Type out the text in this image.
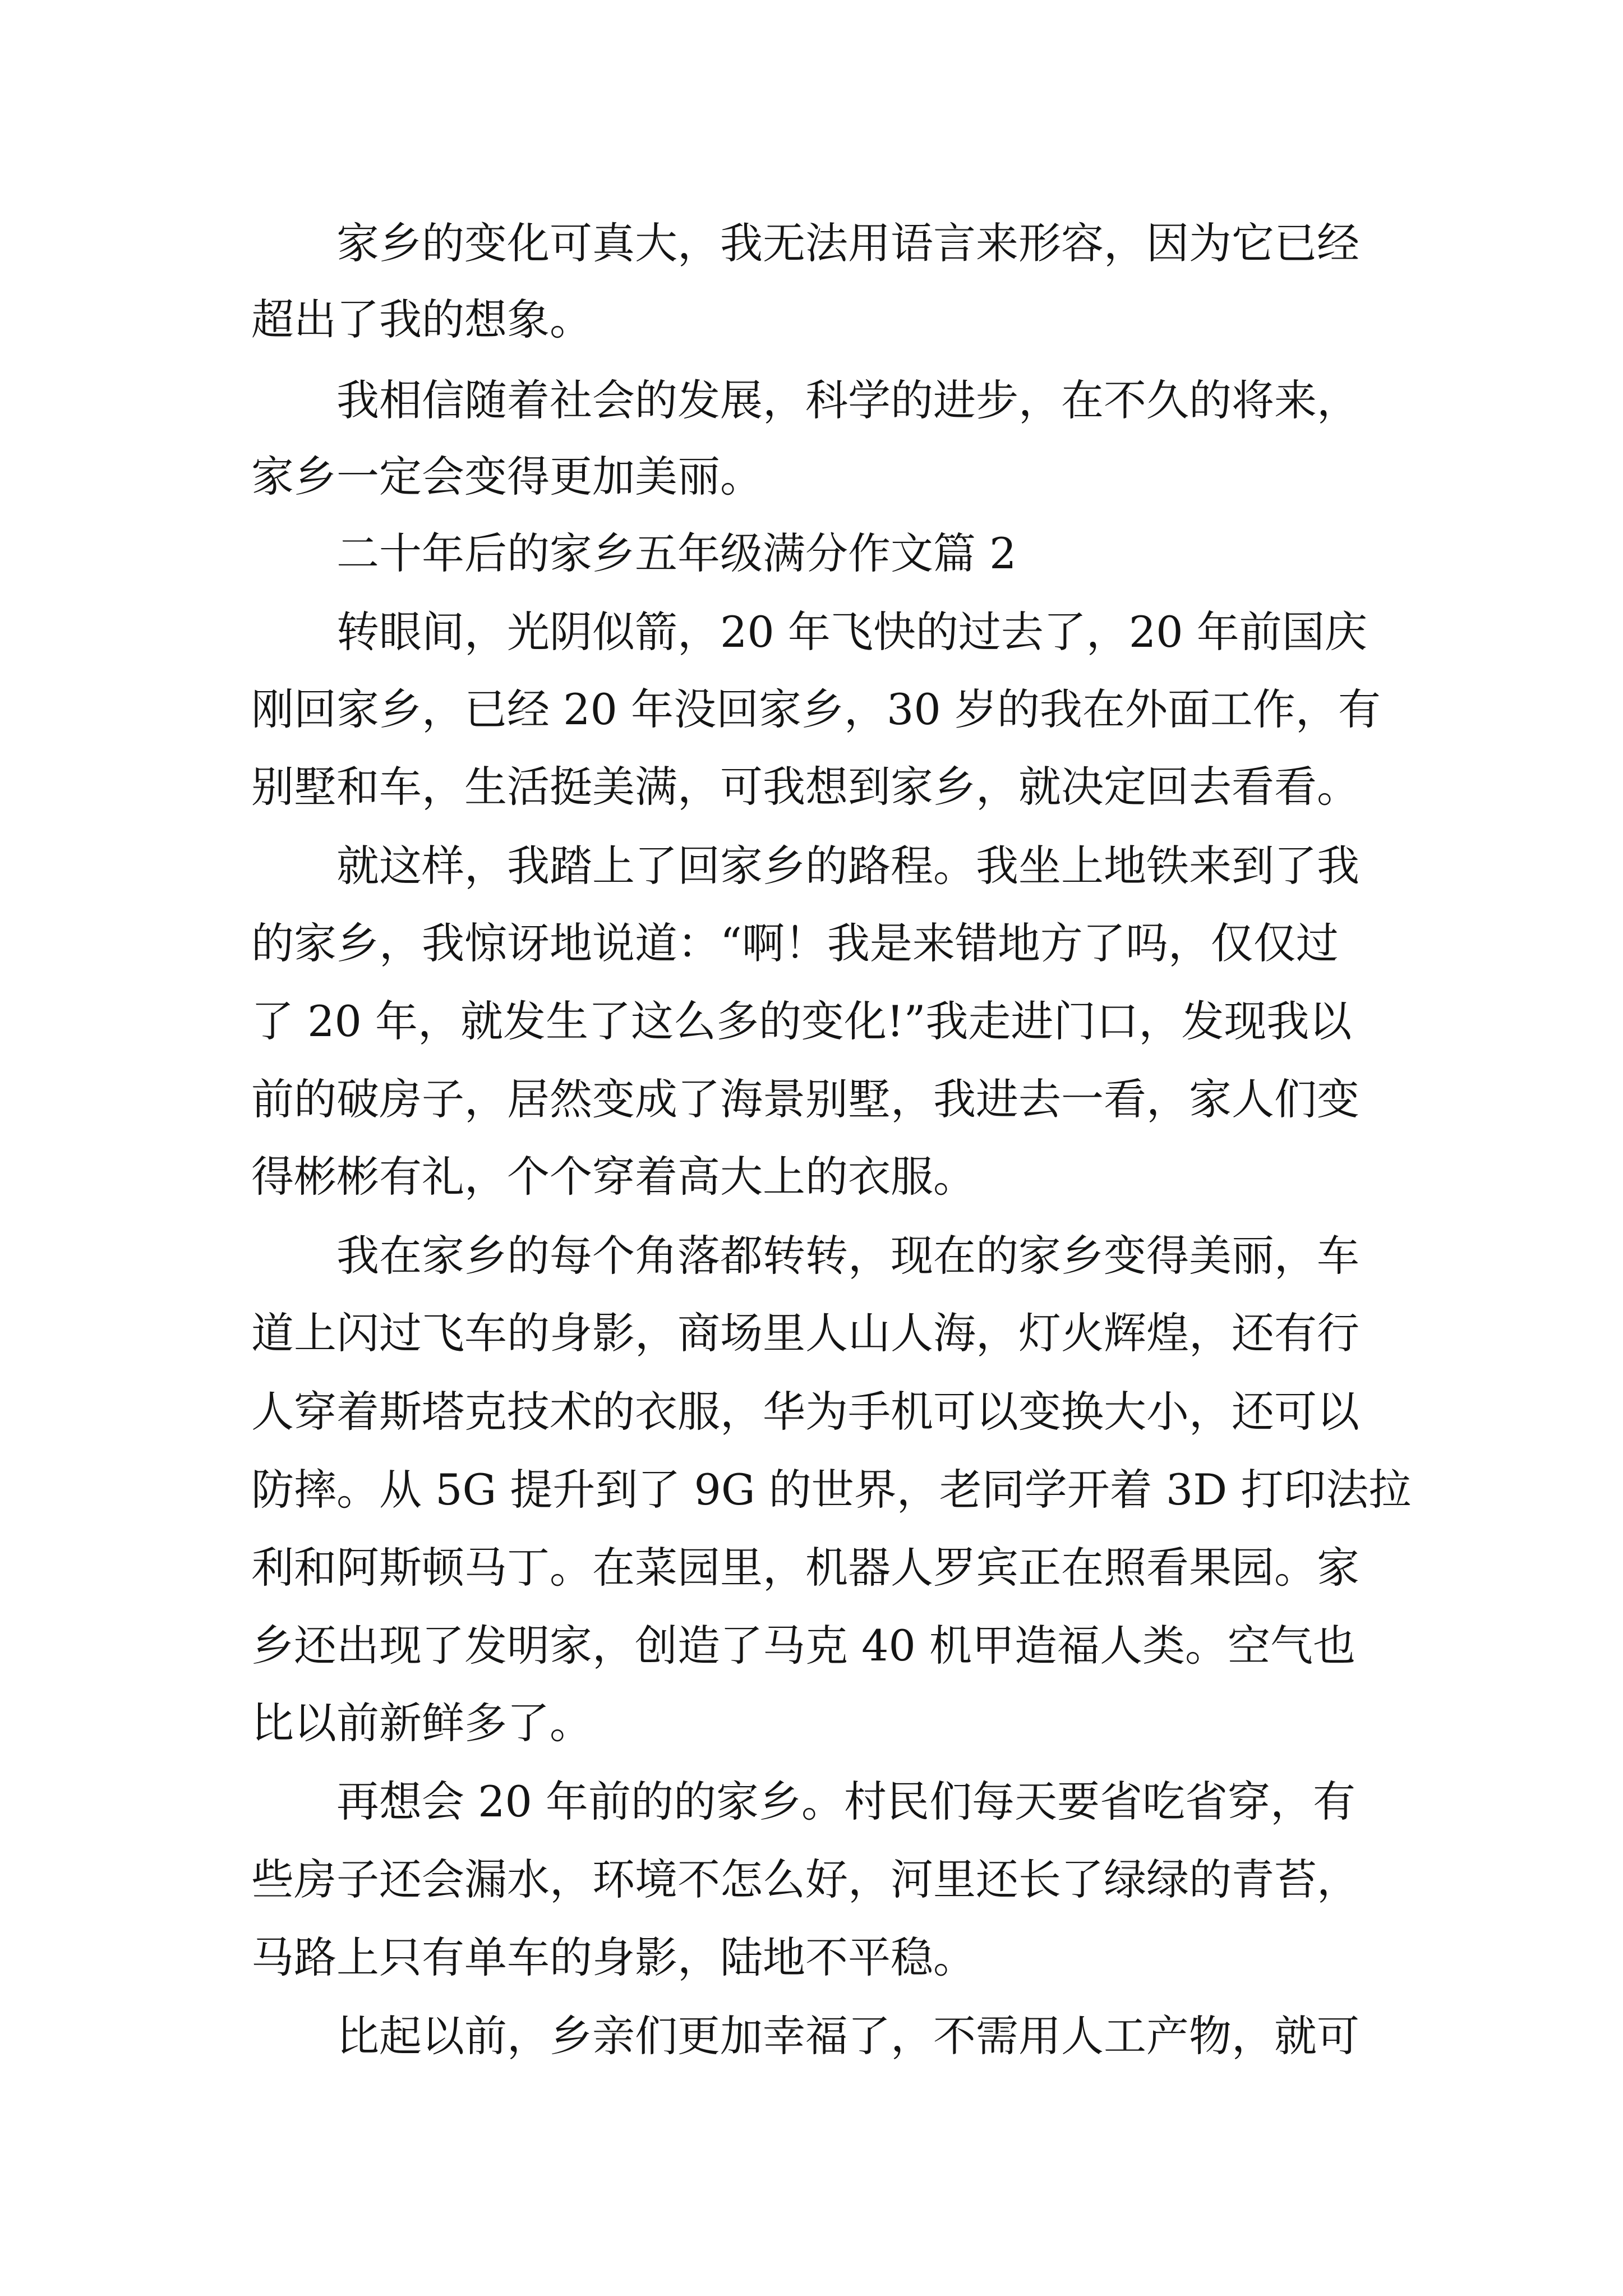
家乡的变化可真大，我无法用语言来形容，因为它已经

超出了我的想象。

我相信随着社会的发展，科学的进步，在不久的将来，

家乡一定会变得更加美丽。

二十年后的家乡五年级满分作文篇 2

转眼间，光阴似箭，20 年飞快的过去了，20 年前国庆

刚回家乡，已经 20 年没回家乡，30 岁的我在外面工作，有

别墅和车，生活挺美满，可我想到家乡，就决定回去看看。

就这样，我踏上了回家乡的路程。我坐上地铁来到了我

的家乡，我惊讶地说道：“啊！我是来错地方了吗，仅仅过

了 20 年，就发生了这么多的变化!”我走进门口，发现我以

前的破房子，居然变成了海景别墅，我进去一看，家人们变

得彬彬有礼，个个穿着高大上的衣服。

我在家乡的每个角落都转转，现在的家乡变得美丽，车

道上闪过飞车的身影，商场里人山人海，灯火辉煌，还有行

人穿着斯塔克技术的衣服，华为手机可以变换大小，还可以

防摔。从 5G 提升到了 9G 的世界，老同学开着 3D 打印法拉

利和阿斯顿马丁。在菜园里，机器人罗宾正在照看果园。家

乡还出现了发明家，创造了马克 40 机甲造福人类。空气也

比以前新鲜多了。

再想会 20 年前的的家乡。村民们每天要省吃省穿，有

些房子还会漏水，环境不怎么好，河里还长了绿绿的青苔，

马路上只有单车的身影，陆地不平稳。

比起以前，乡亲们更加幸福了，不需用人工产物，就可
